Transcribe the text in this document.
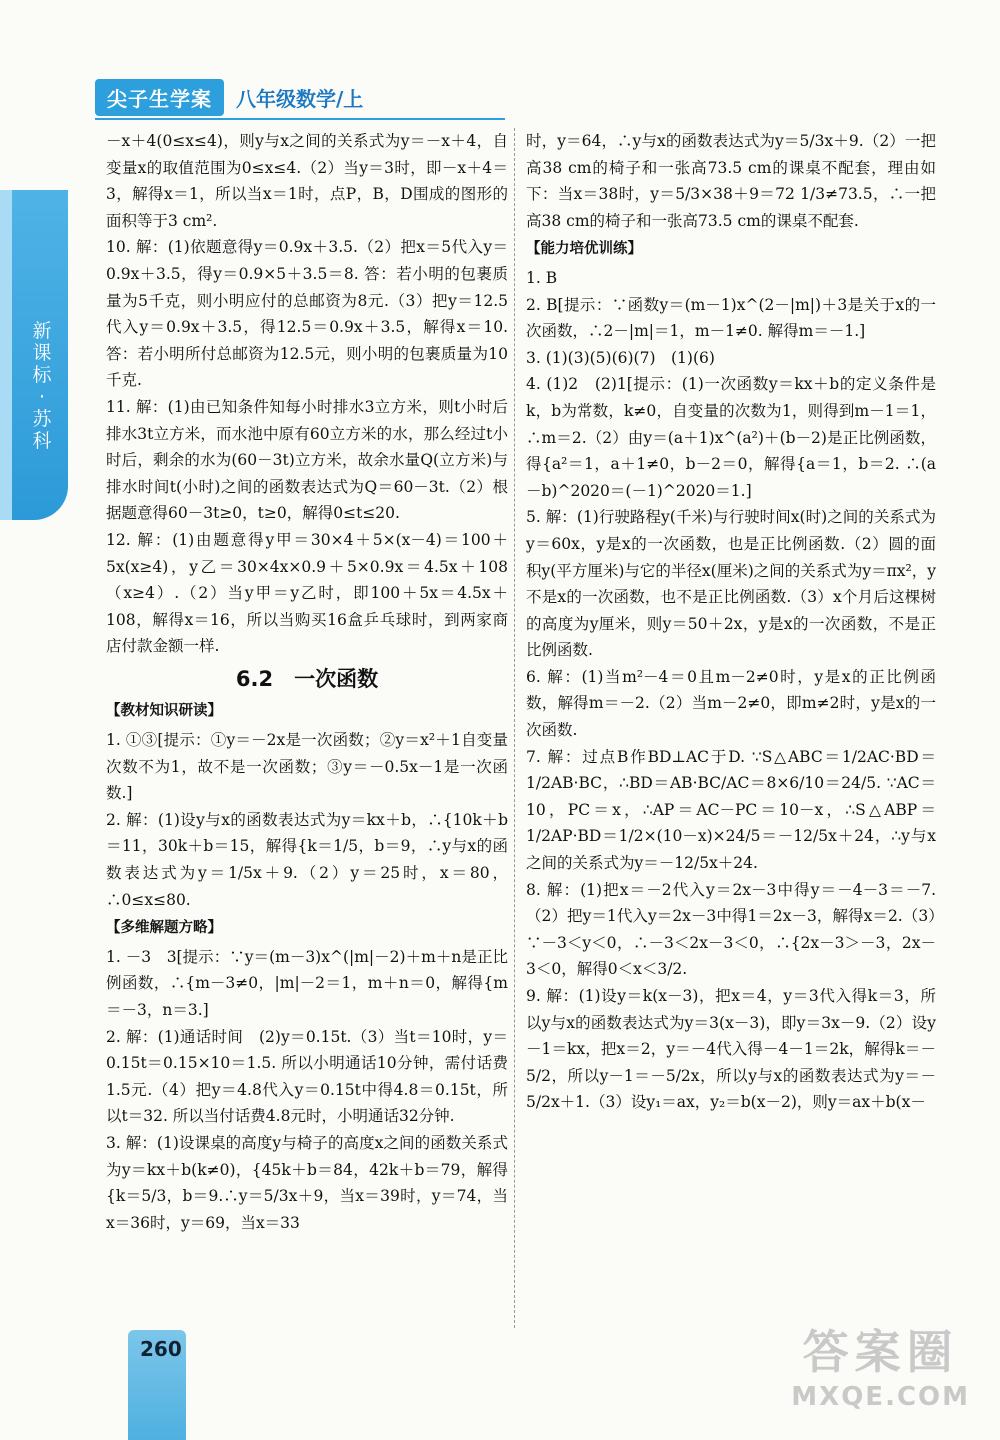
新课标·苏科
尖子生学案	八年级数学/上
－x＋4(0≤x≤4)，则y与x之间的关系式为y＝－x＋4，自变量x的取值范围为0≤x≤4.（2）当y＝3时，即－x＋4＝3，解得x＝1，所以当x＝1时，点P，B，D围成的图形的面积等于3 cm².
10. 解：(1)依题意得y＝0.9x＋3.5.（2）把x＝5代入y＝0.9x＋3.5，得y＝0.9×5＋3.5＝8. 答：若小明的包裹质量为5千克，则小明应付的总邮资为8元.（3）把y＝12.5代入y＝0.9x＋3.5，得12.5＝0.9x＋3.5，解得x＝10. 答：若小明所付总邮资为12.5元，则小明的包裹质量为10千克.
11. 解：(1)由已知条件知每小时排水3立方米，则t小时后排水3t立方米，而水池中原有60立方米的水，那么经过t小时后，剩余的水为(60－3t)立方米，故余水量Q(立方米)与排水时间t(小时)之间的函数表达式为Q＝60－3t.（2）根据题意得60－3t≥0，t≥0，解得0≤t≤20.
12. 解：(1)由题意得y甲＝30×4＋5×(x－4)＝100＋5x(x≥4)，y乙＝30×4x×0.9＋5×0.9x＝4.5x＋108（x≥4）.（2）当y甲＝y乙时，即100＋5x＝4.5x＋108，解得x＝16，所以当购买16盒乒乓球时，到两家商店付款金额一样.
6.2　一次函数
【教材知识研读】
1. ①③[提示：①y＝－2x是一次函数；②y＝x²＋1自变量次数不为1，故不是一次函数；③y＝－0.5x－1是一次函数.]
2. 解：(1)设y与x的函数表达式为y＝kx＋b，∴{10k＋b＝11，30k＋b＝15，解得{k＝1/5，b＝9，∴y与x的函数表达式为y＝1/5x＋9.（2）y＝25时，x＝80，∴0≤x≤80.
【多维解题方略】
1. －3　3[提示：∵y＝(m－3)x^(|m|－2)＋m＋n是正比例函数，∴{m－3≠0，|m|－2＝1，m＋n＝0，解得{m＝－3，n＝3.]
2. 解：(1)通话时间　(2)y＝0.15t.（3）当t＝10时，y＝0.15t＝0.15×10＝1.5. 所以小明通话10分钟，需付话费1.5元.（4）把y＝4.8代入y＝0.15t中得4.8＝0.15t，所以t＝32. 所以当付话费4.8元时，小明通话32分钟.
3. 解：(1)设课桌的高度y与椅子的高度x之间的函数关系式为y＝kx＋b(k≠0)，{45k＋b＝84，42k＋b＝79，解得{k＝5/3，b＝9.∴y＝5/3x＋9，当x＝39时，y＝74，当x＝36时，y＝69，当x＝33
时，y＝64，∴y与x的函数表达式为y＝5/3x＋9.（2）一把高38 cm的椅子和一张高73.5 cm的课桌不配套，理由如下：当x＝38时，y＝5/3×38＋9＝72 1/3≠73.5，∴一把高38 cm的椅子和一张高73.5 cm的课桌不配套.
【能力培优训练】
1. B
2. B[提示：∵函数y＝(m－1)x^(2－|m|)＋3是关于x的一次函数，∴2－|m|＝1，m－1≠0. 解得m＝－1.]
3. (1)(3)(5)(6)(7)　(1)(6)
4. (1)2　(2)1[提示：(1)一次函数y＝kx＋b的定义条件是k，b为常数，k≠0，自变量的次数为1，则得到m－1＝1，∴m＝2.（2）由y＝(a＋1)x^(a²)＋(b－2)是正比例函数，得{a²＝1，a＋1≠0，b－2＝0，解得{a＝1，b＝2. ∴(a－b)^2020＝(－1)^2020＝1.]
5. 解：(1)行驶路程y(千米)与行驶时间x(时)之间的关系式为y＝60x，y是x的一次函数，也是正比例函数.（2）圆的面积y(平方厘米)与它的半径x(厘米)之间的关系式为y＝πx²，y不是x的一次函数，也不是正比例函数.（3）x个月后这棵树的高度为y厘米，则y＝50＋2x，y是x的一次函数，不是正比例函数.
6. 解：(1)当m²－4＝0且m－2≠0时，y是x的正比例函数，解得m＝－2.（2）当m－2≠0，即m≠2时，y是x的一次函数.
7. 解：过点B作BD⊥AC于D. ∵S△ABC＝1/2AC·BD＝1/2AB·BC，∴BD＝AB·BC/AC＝8×6/10＝24/5. ∵AC＝10，PC＝x，∴AP＝AC－PC＝10－x，∴S△ABP＝1/2AP·BD＝1/2×(10－x)×24/5＝－12/5x＋24，∴y与x之间的关系式为y＝－12/5x＋24.
8. 解：(1)把x＝－2代入y＝2x－3中得y＝－4－3＝－7.（2）把y＝1代入y＝2x－3中得1＝2x－3，解得x＝2.（3）∵－3＜y＜0，∴－3＜2x－3＜0，∴{2x－3＞－3，2x－3＜0，解得0＜x＜3/2.
9. 解：(1)设y＝k(x－3)，把x＝4，y＝3代入得k＝3，所以y与x的函数表达式为y＝3(x－3)，即y＝3x－9.（2）设y－1＝kx，把x＝2，y＝－4代入得－4－1＝2k，解得k＝－5/2，所以y－1＝－5/2x，所以y与x的函数表达式为y＝－5/2x＋1.（3）设y₁＝ax，y₂＝b(x－2)，则y＝ax＋b(x－
260	答案圈
MXQE.COM
